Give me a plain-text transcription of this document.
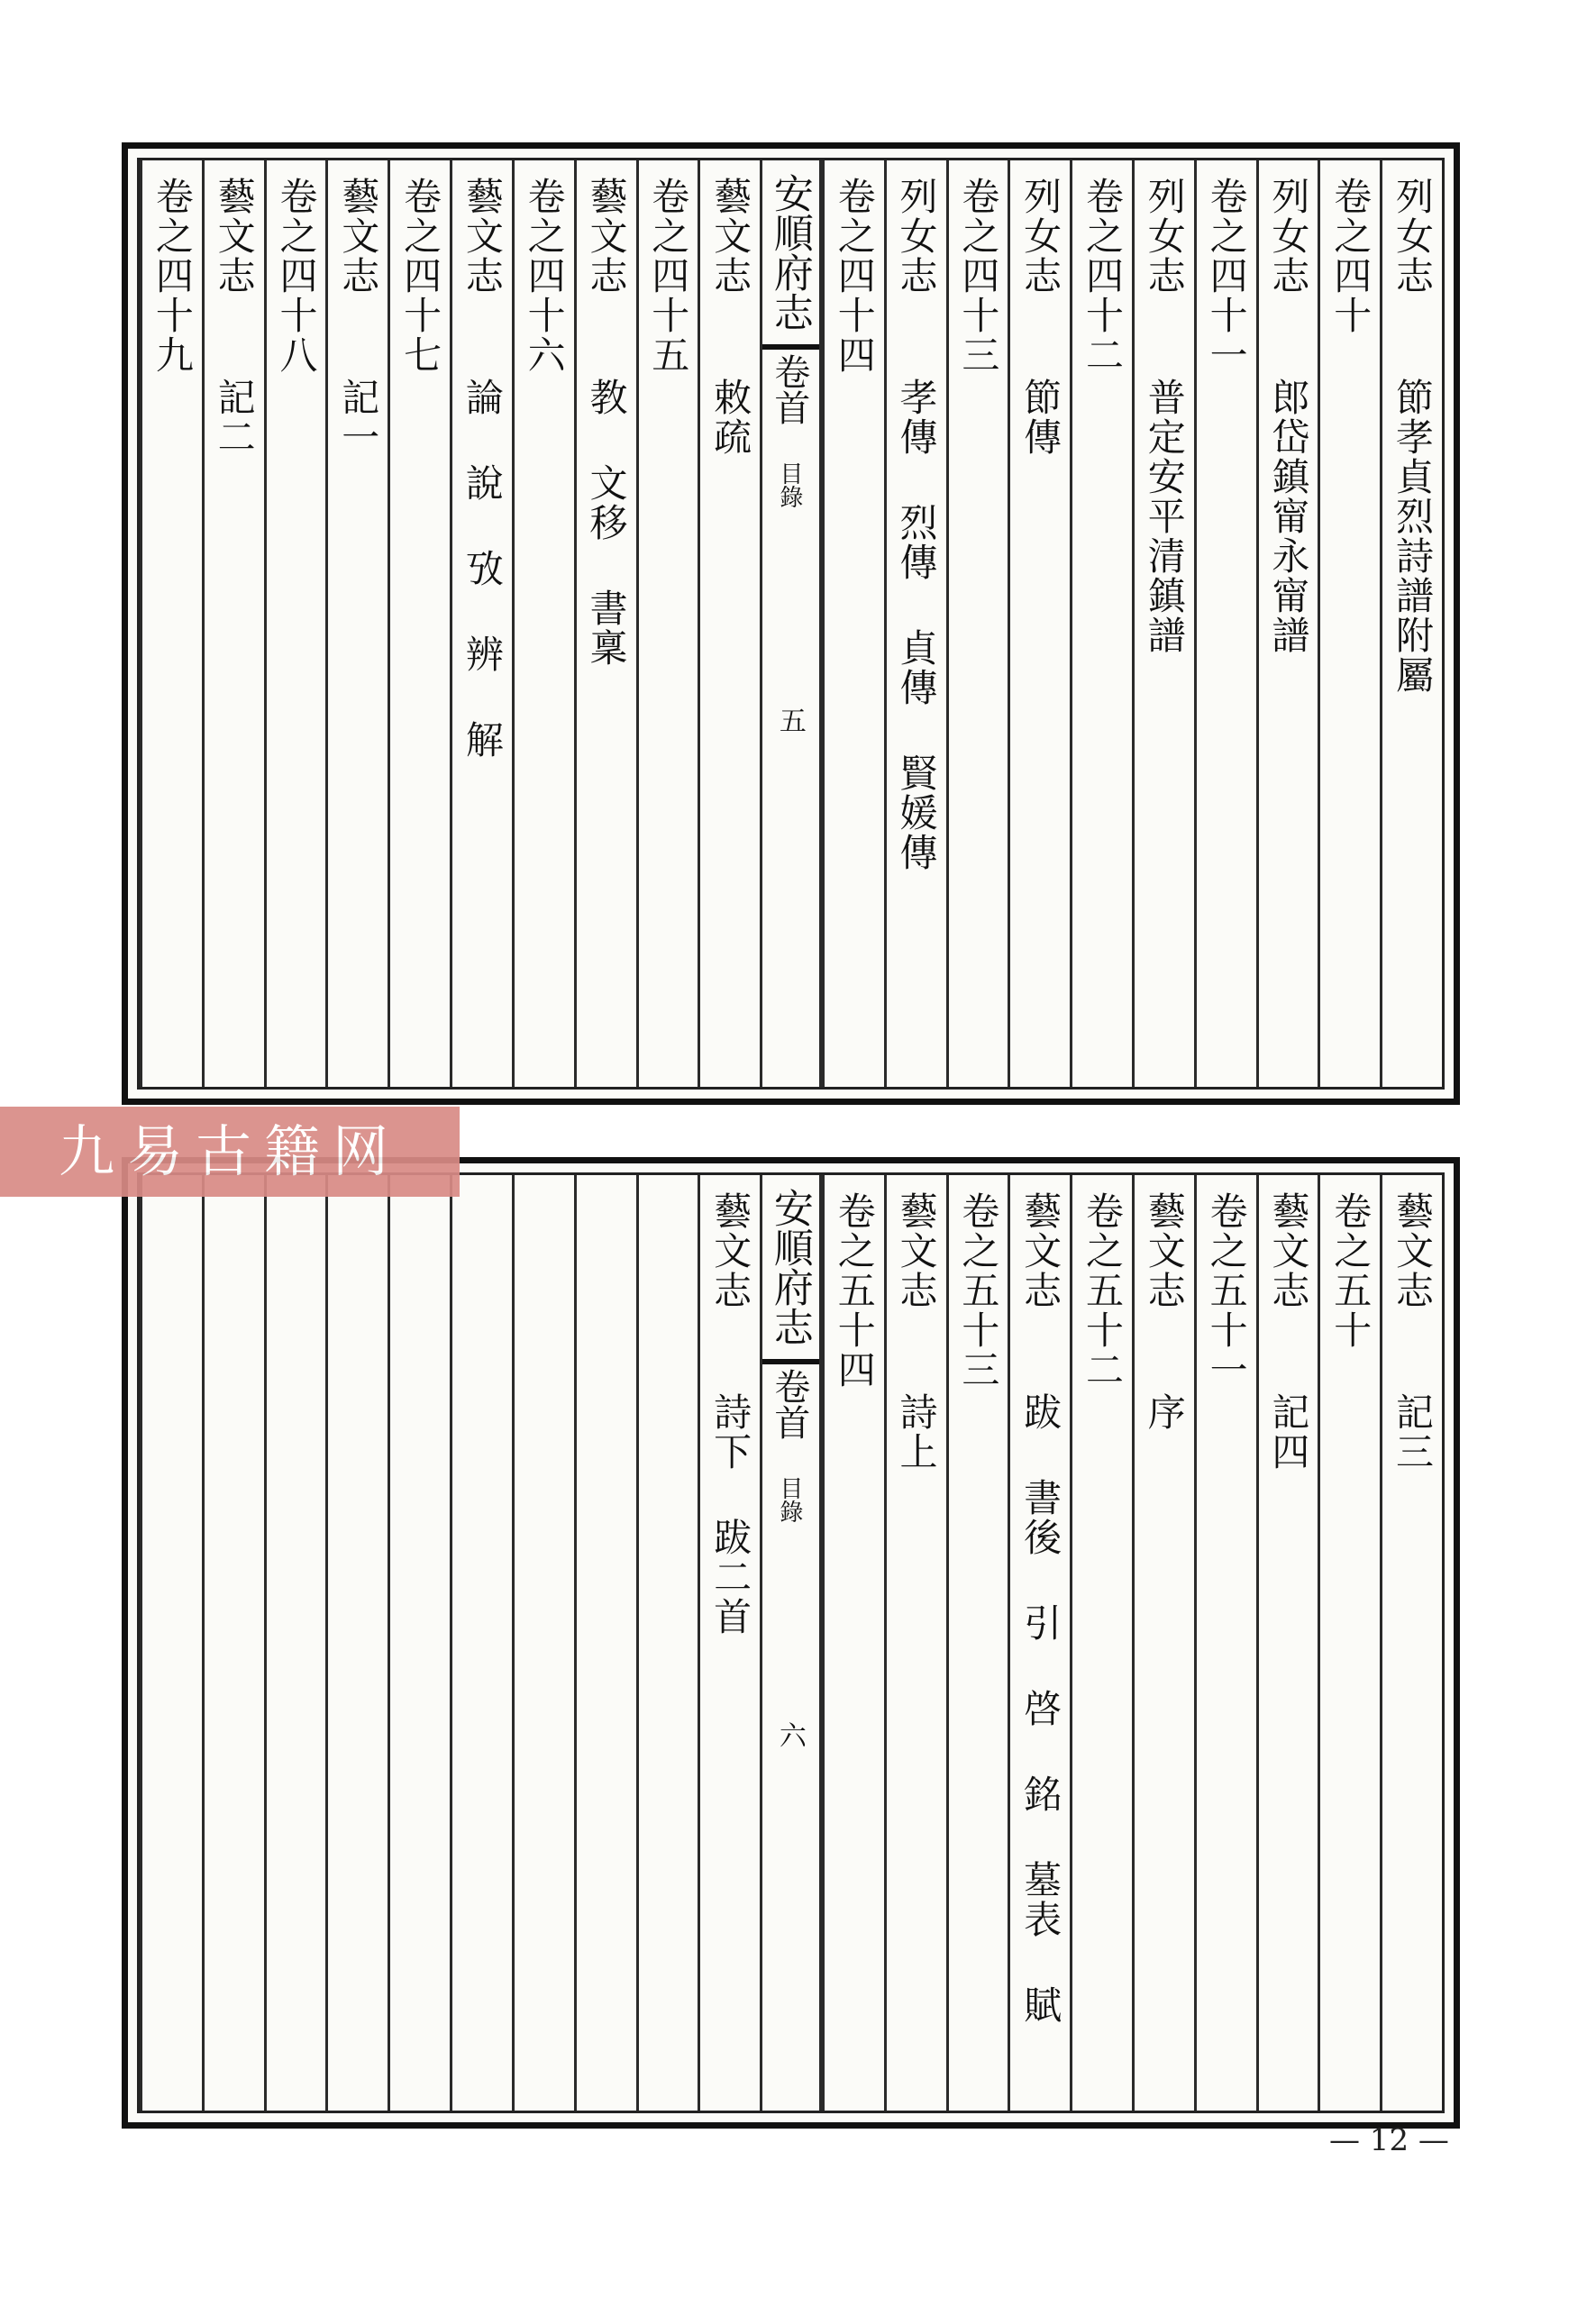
列女志 節孝貞烈詩譜附屬
卷之四十
列女志 郎岱鎮甯永甯譜
卷之四十一
列女志 普定安平清鎮譜
卷之四十二
列女志 節傳
卷之四十三
列女志 孝傳 烈傳 貞傳 賢媛傳
卷之四十四
安順府志卷首目錄五
藝文志 敕疏
卷之四十五
藝文志 教 文移 書稟
卷之四十六
藝文志 論 說 攷 辨 解
卷之四十七
藝文志 記一
卷之四十八
藝文志 記二
卷之四十九
藝文志 記三
卷之五十
藝文志 記四
卷之五十一
藝文志 序
卷之五十二
藝文志 跋 書後 引 啓 銘 墓表 賦
卷之五十三
藝文志 詩上
卷之五十四
安順府志卷首目錄六
藝文志 詩下 跋二首
九易古籍网
— 12 —
